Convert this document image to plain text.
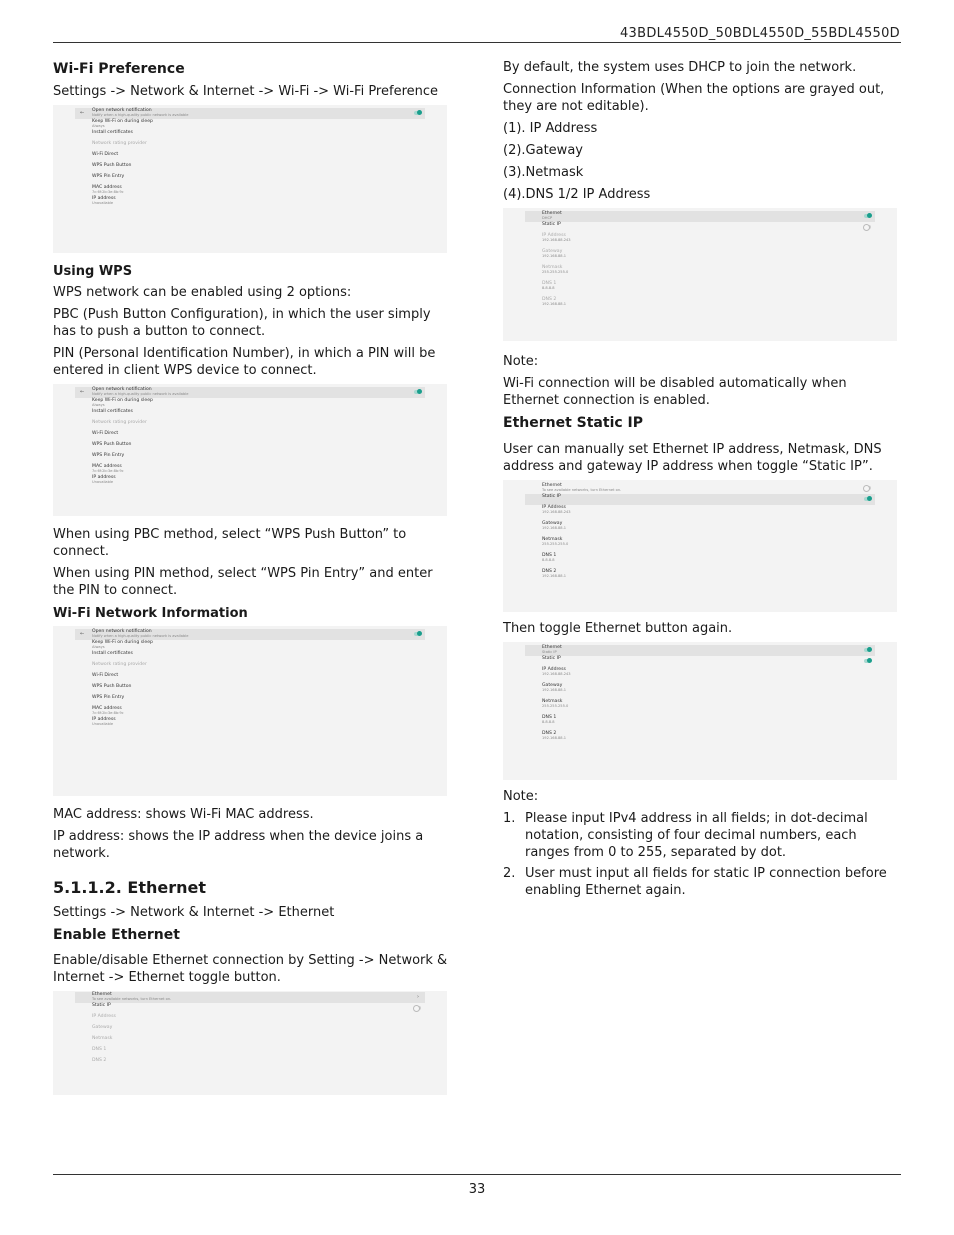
43BDL4550D_50BDL4550D_55BDL4550D
Wi-Fi Preference

Settings -> Network & Internet -> Wi-Fi -> Wi-Fi Preference

← Open network notification
Notify when a high-quality public network is available
Keep Wi-Fi on during sleep
Always
Install certificates
Network rating provider
Wi-Fi Direct
WPS Push Button
WPS Pin Entry
MAC address
7c:6f:2b:3e:8b:9c
IP address
Unavailable
Using WPS

WPS network can be enabled using 2 options:

PBC (Push Button Configuration), in which the user simply has to push a button to connect.

PIN (Personal Identification Number), in which a PIN will be entered in client WPS device to connect.

← Open network notification
Notify when a high-quality public network is available
Keep Wi-Fi on during sleep
Always
Install certificates
Network rating provider
Wi-Fi Direct
WPS Push Button
WPS Pin Entry
MAC address
7c:6f:2b:3e:8b:9c
IP address
Unavailable

When using PBC method, select “WPS Push Button” to connect.

When using PIN method, select “WPS Pin Entry” and enter the PIN to connect.

Wi-Fi Network Information
← Open network notification
Notify when a high-quality public network is available
Keep Wi-Fi on during sleep
Always
Install certificates
Network rating provider
Wi-Fi Direct
WPS Push Button
WPS Pin Entry
MAC address
7c:6f:2b:3e:8b:9c
IP address
Unavailable

MAC address: shows Wi-Fi MAC address.

IP address: shows the IP address when the device joins a network.

5.1.1.2. Ethernet

Settings -> Network & Internet -> Ethernet

Enable Ethernet

Enable/disable Ethernet connection by Setting -> Network & Internet -> Ethernet toggle button.

Ethernet
To see available networks, turn Ethernet on.	›
Static IP
IP Address
Gateway
Netmask
DNS 1
DNS 2

By default, the system uses DHCP to join the network.

Connection Information (When the options are grayed out, they are not editable).

(1). IP Address

(2).Gateway

(3).Netmask

(4).DNS 1/2 IP Address

Ethernet
DHCP
Static IP
IP Address
192.168.88.243
Gateway
192.168.88.1
Netmask
255.255.255.0
DNS 1
8.8.8.8
DNS 2
192.168.88.1

Note:

Wi-Fi connection will be disabled automatically when Ethernet connection is enabled.

Ethernet Static IP

User can manually set Ethernet IP address, Netmask, DNS address and gateway IP address when toggle “Static IP”.

Ethernet
To see available networks, turn Ethernet on.
Static IP
IP Address
192.168.88.243
Gateway
192.168.88.1
Netmask
255.255.255.0
DNS 1
8.8.8.8
DNS 2
192.168.88.1

Then toggle Ethernet button again.

Ethernet
Static IP
Static IP
IP Address
192.168.88.243
Gateway
192.168.88.1
Netmask
255.255.255.0
DNS 1
8.8.8.8
DNS 2
192.168.88.1

Note:

1. Please input IPv4 address in all fields; in dot-decimal notation, consisting of four decimal numbers, each ranges from 0 to 255, separated by dot.
2. User must input all fields for static IP connection before enabling Ethernet again.
33
